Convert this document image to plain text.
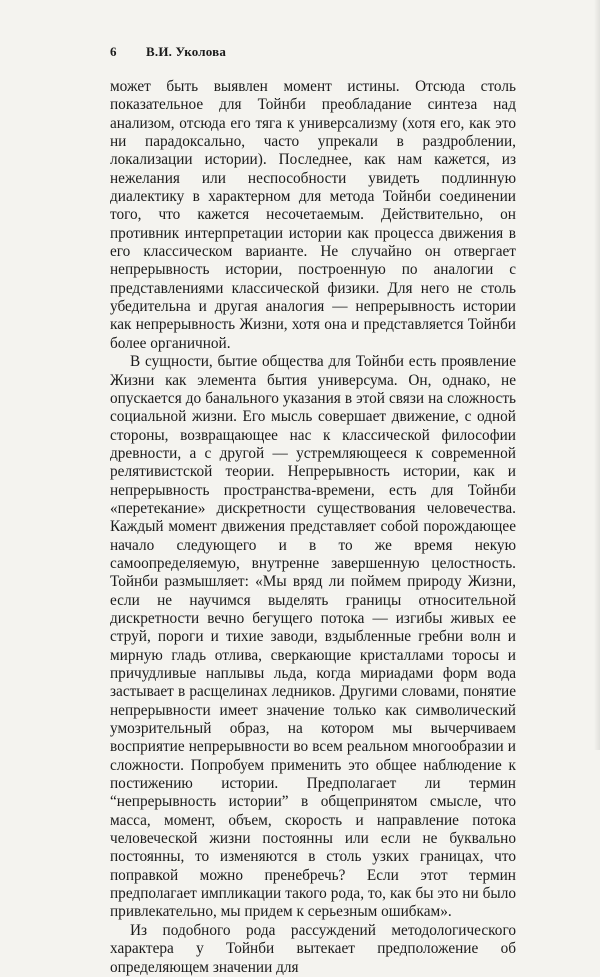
6	В.И. Уколова

может быть выявлен момент истины. Отсюда столь показательное для Тойнби преобладание синтеза над анализом, отсюда его тяга к универсализму (хотя его, как это ни парадоксально, часто упрекали в раздроблении, локализации истории). Последнее, как нам кажется, из нежелания или неспособности увидеть подлинную диалектику в характерном для метода Тойнби соединении того, что кажется несочетаемым. Действительно, он противник интерпретации истории как процесса движения в его классическом варианте. Не случайно он отвергает непрерывность истории, построенную по аналогии с представлениями классической физики. Для него не столь убедительна и другая аналогия — непрерывность истории как непрерывность Жизни, хотя она и представляется Тойнби более органичной.

В сущности, бытие общества для Тойнби есть проявление Жизни как элемента бытия универсума. Он, однако, не опускается до банального указания в этой связи на сложность социальной жизни. Его мысль совершает движение, с одной стороны, возвращающее нас к классической философии древности, а с другой — устремляющееся к современной релятивистской теории. Непрерывность истории, как и непрерывность пространства-времени, есть для Тойнби «перетекание» дискретности существования человечества. Каждый момент движения представляет собой порождающее начало следующего и в то же время некую самоопределяемую, внутренне завершенную целостность. Тойнби размышляет: «Мы вряд ли поймем природу Жизни, если не научимся выделять границы относительной дискретности вечно бегущего потока — изгибы живых ее струй, пороги и тихие заводи, вздыбленные гребни волн и мирную гладь отлива, сверкающие кристаллами торосы и причудливые наплывы льда, когда мириадами форм вода застывает в расщелинах ледников. Другими словами, понятие непрерывности имеет значение только как символический умозрительный образ, на котором мы вычерчиваем восприятие непрерывности во всем реальном многообразии и сложности. Попробуем применить это общее наблюдение к постижению истории. Предполагает ли термин “непрерывность истории” в общепринятом смысле, что масса, момент, объем, скорость и направление потока человеческой жизни постоянны или если не буквально постоянны, то изменяются в столь узких границах, что поправкой можно пренебречь? Если этот термин предполагает импликации такого рода, то, как бы это ни было привлекательно, мы придем к серьезным ошибкам».

Из подобного рода рассуждений методологического характера у Тойнби вытекает предположение об определяющем значении для
